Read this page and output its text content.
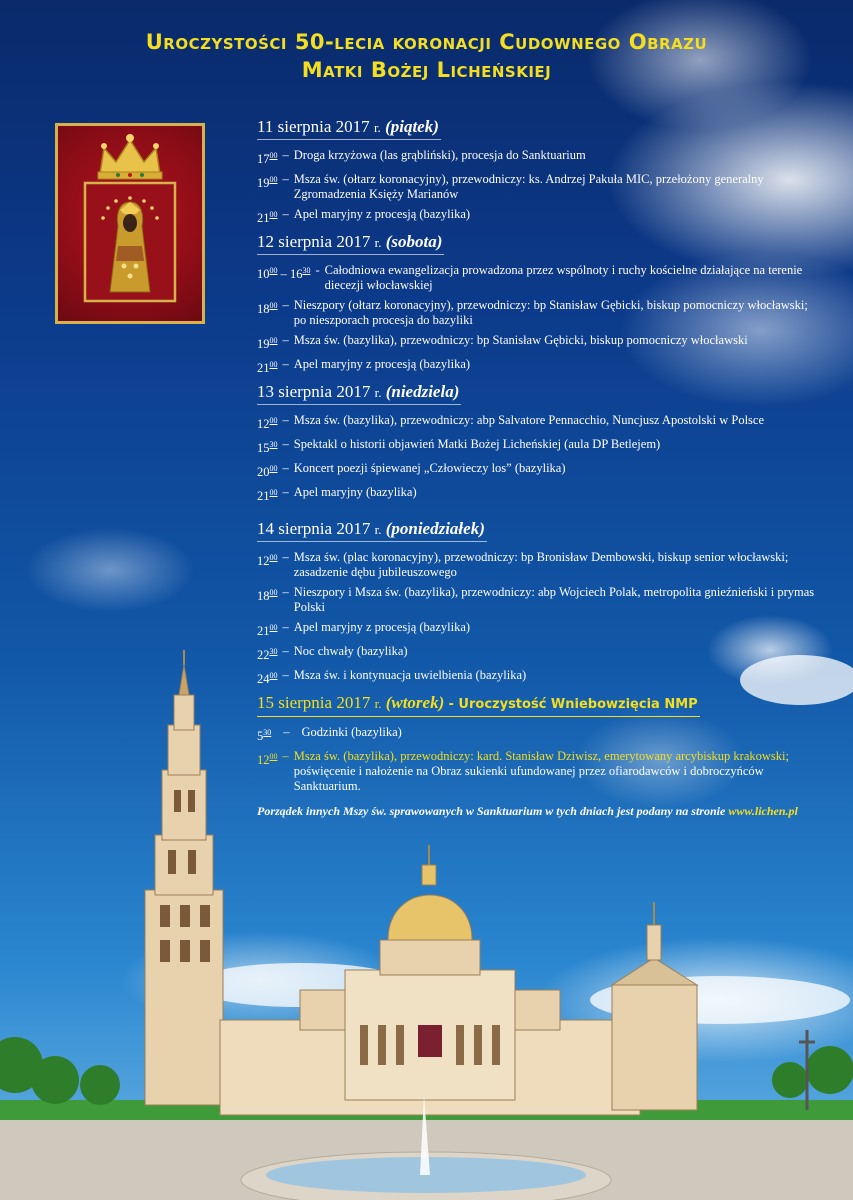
Uroczystości 50-lecia koronacji Cudownego Obrazu
Matki Bożej Licheńskiej
11 sierpnia 2017 r. (piątek)
$17^{00}$ – Droga krzyżowa (las grąbliński), procesja do Sanktuarium
$19^{00}$ – Msza św. (ołtarz koronacyjny), przewodniczy: ks. Andrzej Pakuła MIC, przełożony generalny Zgromadzenia Księży Marianów
$21^{00}$ – Apel maryjny z procesją (bazylika)
12 sierpnia 2017 r. (sobota)
$10^{00} - 16^{30}$ - Całodniowa ewangelizacja prowadzona przez wspólnoty i ruchy kościelne działające na terenie diecezji włocławskiej
$18^{00}$ – Nieszpory (ołtarz koronacyjny), przewodniczy: bp Stanisław Gębicki, biskup pomocniczy włocławski; po nieszporach procesja do bazyliki
$19^{00}$ – Msza św. (bazylika), przewodniczy: bp Stanisław Gębicki, biskup pomocniczy włocławski
$21^{00}$ – Apel maryjny z procesją (bazylika)
13 sierpnia 2017 r. (niedziela)
$12^{00}$ – Msza św. (bazylika), przewodniczy: abp Salvatore Pennacchio, Nuncjusz Apostolski w Polsce
$15^{30}$ – Spektakl o historii objawień Matki Bożej Licheńskiej (aula DP Betlejem)
$20^{00}$ – Koncert poezji śpiewanej „Człowieczy los” (bazylika)
$21^{00}$ – Apel maryjny (bazylika)
14 sierpnia 2017 r. (poniedziałek)
$12^{00}$ – Msza św. (plac koronacyjny), przewodniczy: bp Bronisław Dembowski, biskup senior włocławski; zasadzenie dębu jubileuszowego
$18^{00}$ – Nieszpory i Msza św. (bazylika), przewodniczy: abp Wojciech Polak, metropolita gnieźnieński i prymas Polski
$21^{00}$ – Apel maryjny z procesją (bazylika)
$22^{30}$ – Noc chwały (bazylika)
$24^{00}$ – Msza św. i kontynuacja uwielbienia (bazylika)
15 sierpnia 2017 r. (wtorek) - Uroczystość Wniebowzięcia NMP
$5^{30}$ – Godzinki (bazylika)
$12^{00}$ – Msza św. (bazylika), przewodniczy: kard. Stanisław Dziwisz, emerytowany arcybiskup krakowski;
poświęcenie i nałożenie na Obraz sukienki ufundowanej przez ofiarodawców i dobroczyńców Sanktuarium.
Porządek innych Mszy św. sprawowanych w Sanktuarium w tych dniach jest podany na stronie www.lichen.pl
